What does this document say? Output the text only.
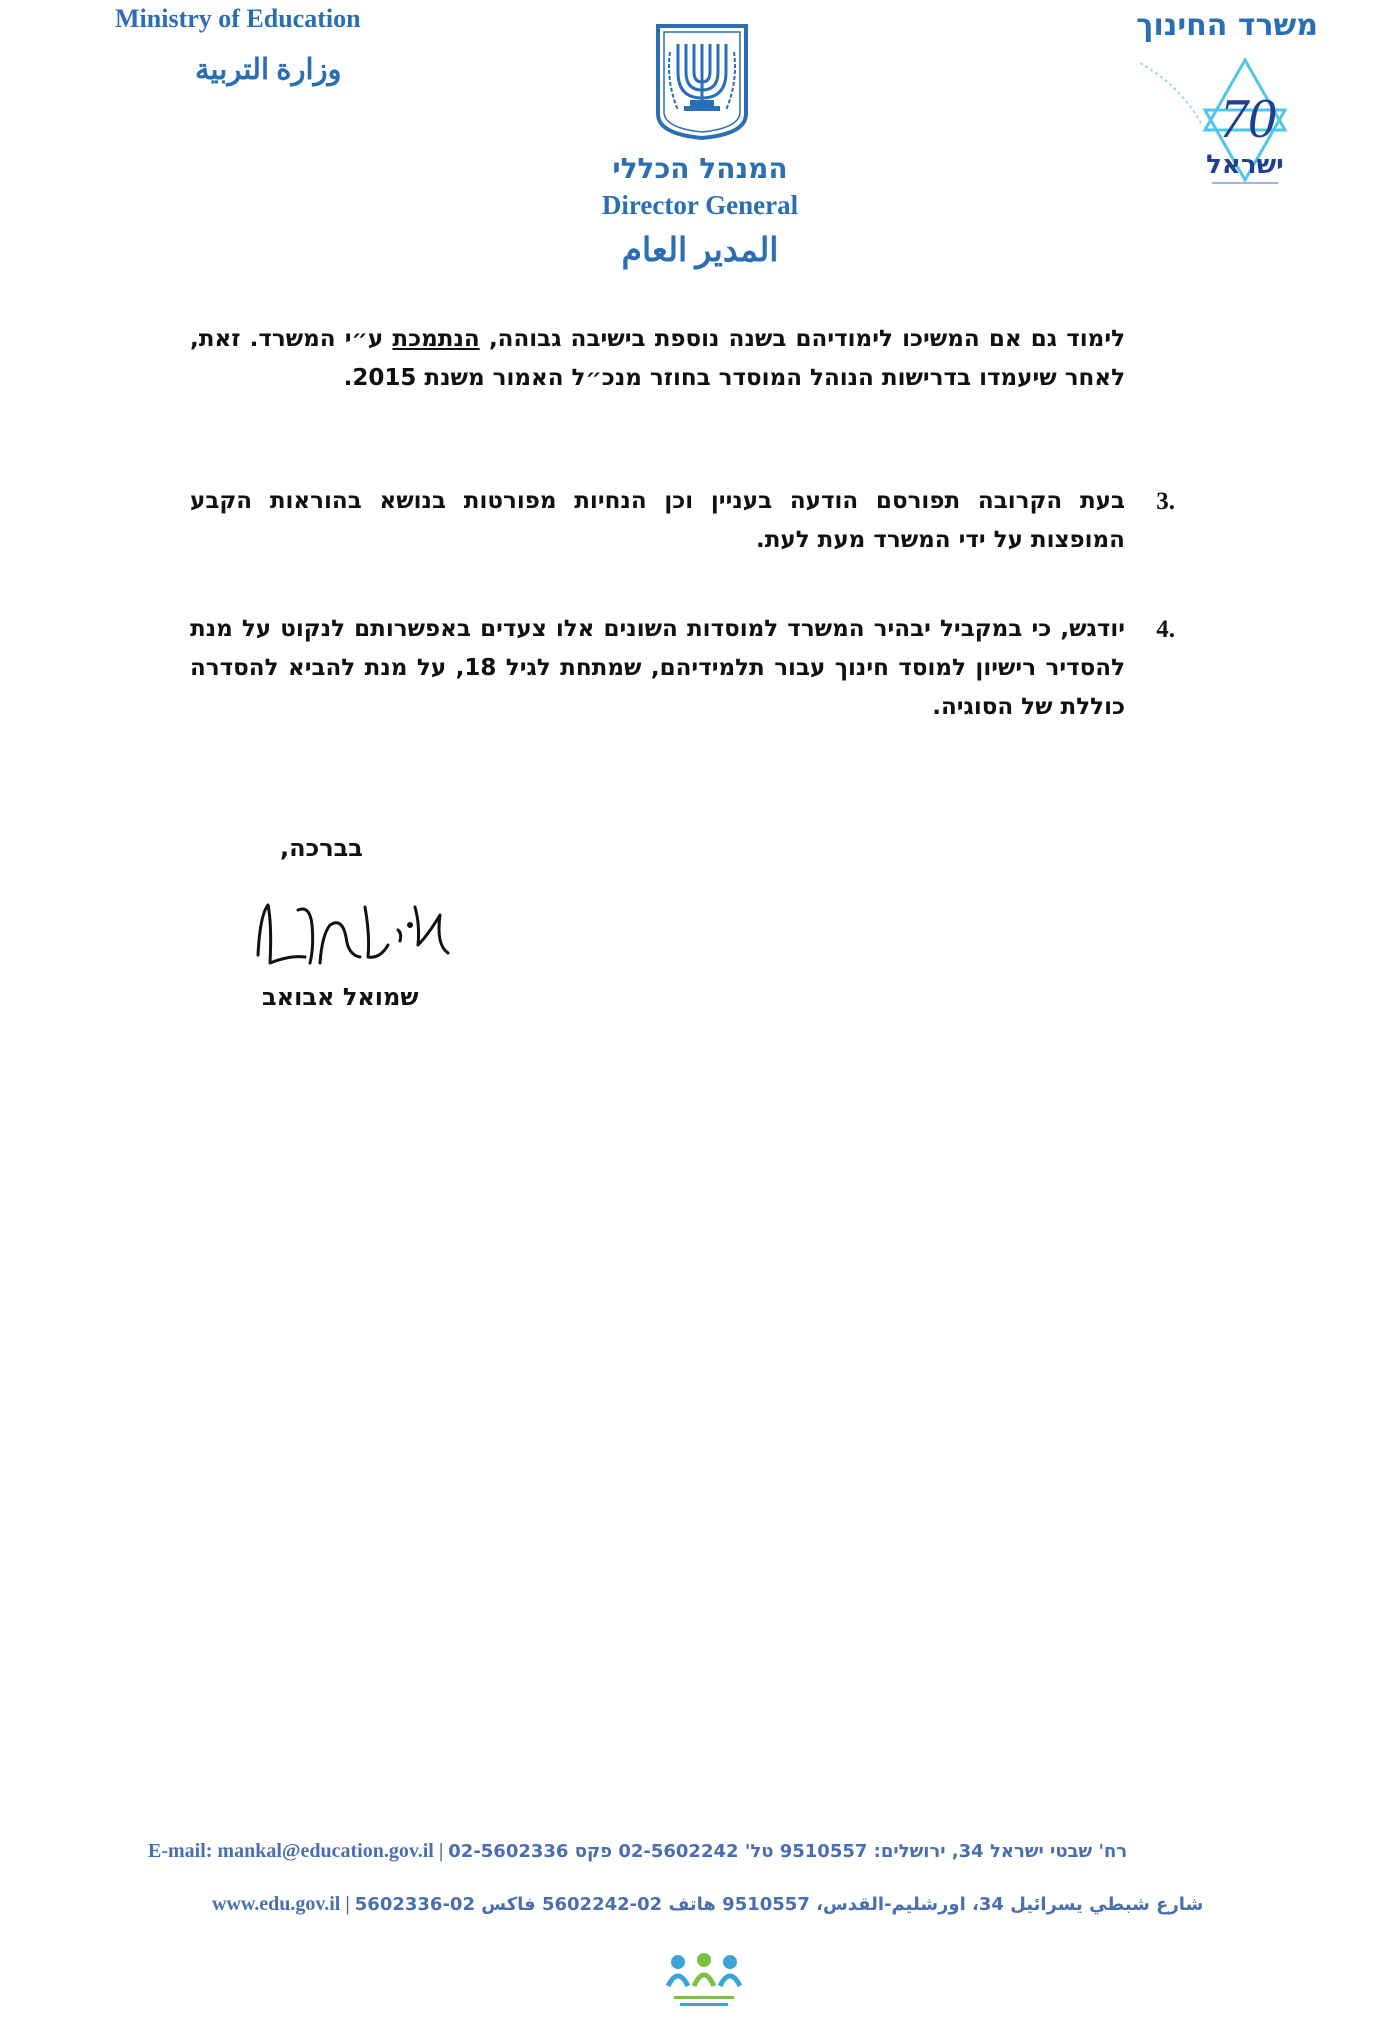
Ministry of Education
وزارة التربية
משרד החינוך
המנהל הכללי
Director General
المدير العام
70
ישראל
לימוד גם אם המשיכו לימודיהם בשנה נוספת בישיבה גבוהה, הנתמכת ע״י המשרד. זאת, לאחר שיעמדו בדרישות הנוהל המוסדר בחוזר מנכ״ל האמור משנת 2015.
3.
בעת הקרובה תפורסם הודעה בעניין וכן הנחיות מפורטות בנושא בהוראות הקבע המופצות על ידי המשרד מעת לעת.
4.
יודגש, כי במקביל יבהיר המשרד למוסדות השונים אלו צעדים באפשרותם לנקוט על מנת להסדיר רישיון למוסד חינוך עבור תלמידיהם, שמתחת לגיל 18, על מנת להביא להסדרה כוללת של הסוגיה.
בברכה,
שמואל אבואב
E-mail: mankal@education.gov.il | רח' שבטי ישראל 34, ירושלים: 9510557 טל' 02-5602242 פקס 02-5602336
www.edu.gov.il | شارع شبطي يسرائيل 34، اورشليم-القدس، 9510557 هاتف 02-5602242 فاكس 02-5602336
